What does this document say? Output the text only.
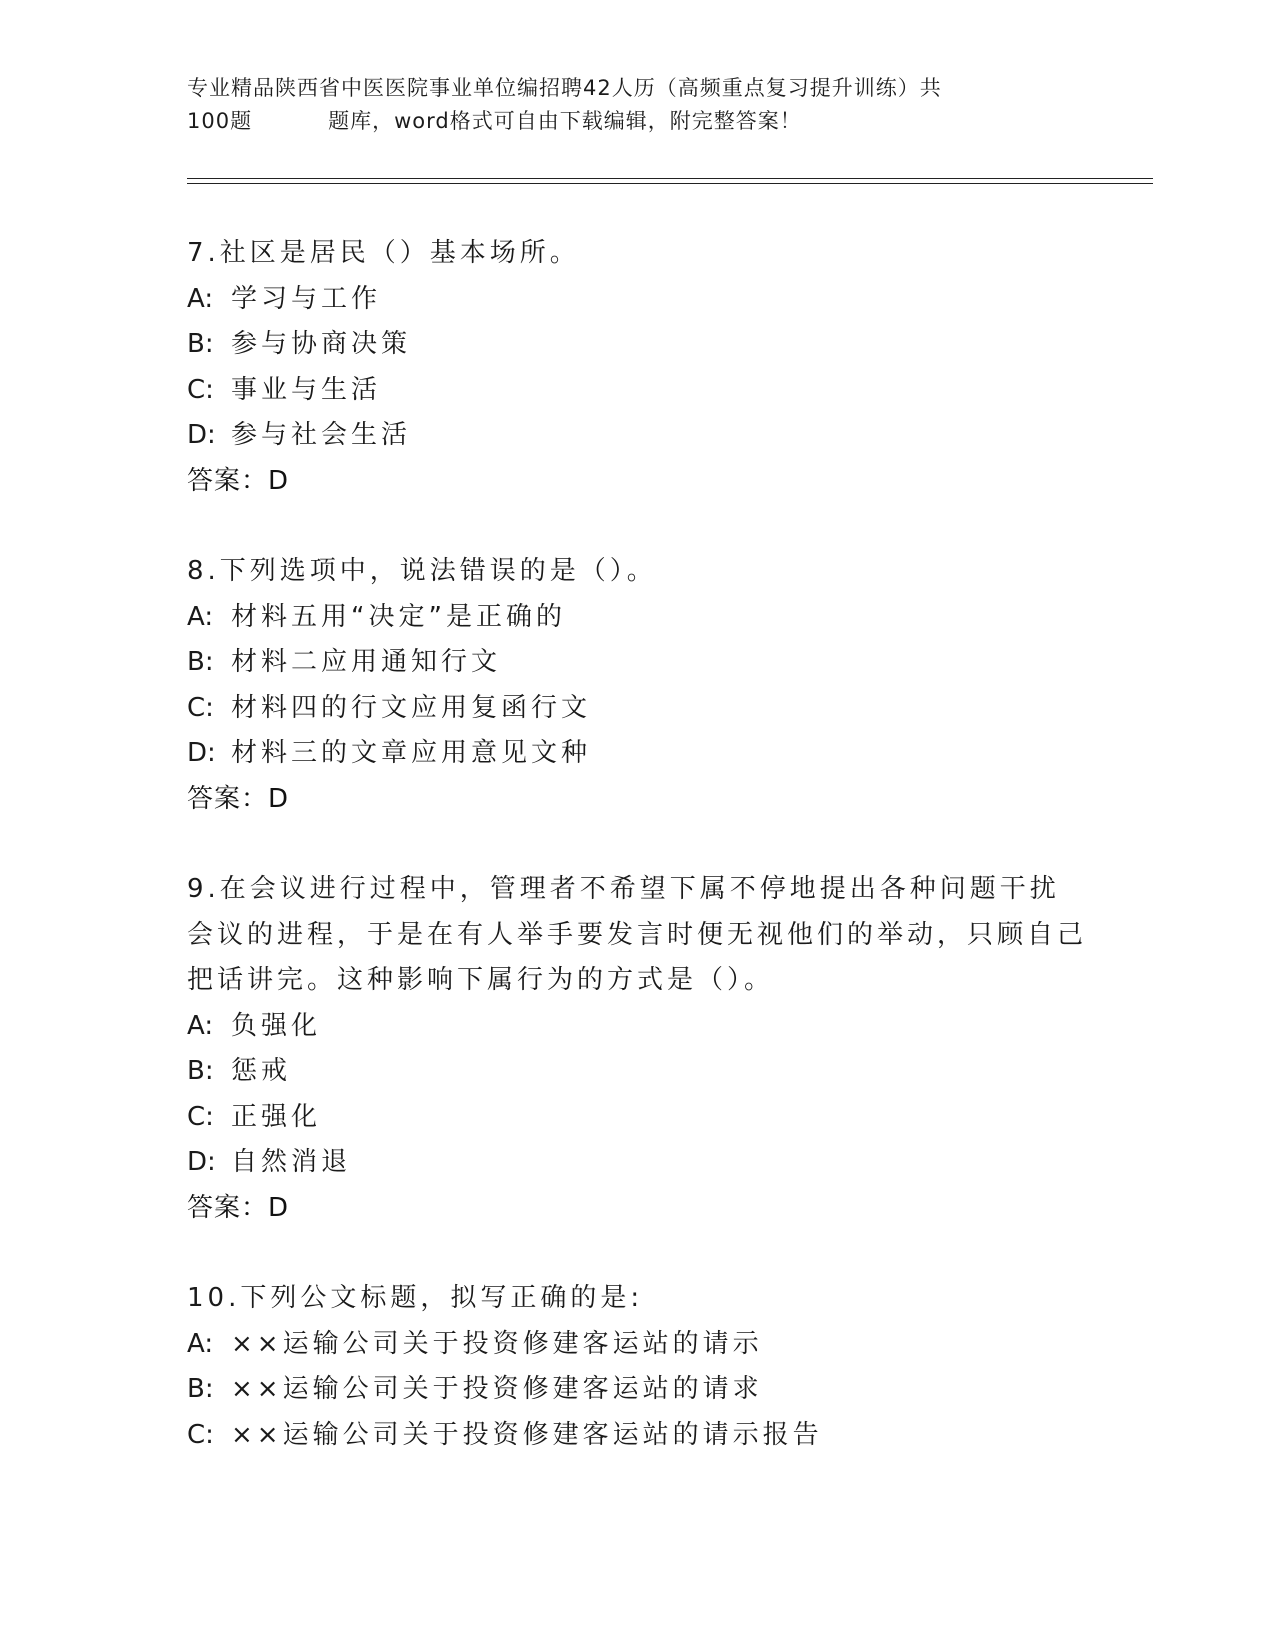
专业精品陕西省中医医院事业单位编招聘42人历（高频重点复习提升训练）共
100题	题库，word格式可自由下载编辑，附完整答案！

7.社区是居民（）基本场所。

A: 学习与工作

B: 参与协商决策

C: 事业与生活

D: 参与社会生活

答案：D

8.下列选项中，说法错误的是（）。

A: 材料五用“决定”是正确的

B: 材料二应用通知行文

C: 材料四的行文应用复函行文

D: 材料三的文章应用意见文种

答案：D

9.在会议进行过程中，管理者不希望下属不停地提出各种问题干扰会议的进程，于是在有人举手要发言时便无视他们的举动，只顾自己把话讲完。这种影响下属行为的方式是（）。

A: 负强化

B: 惩戒

C: 正强化

D: 自然消退

答案：D

10.下列公文标题，拟写正确的是:

A: ××运输公司关于投资修建客运站的请示

B: ××运输公司关于投资修建客运站的请求

C: ××运输公司关于投资修建客运站的请示报告
